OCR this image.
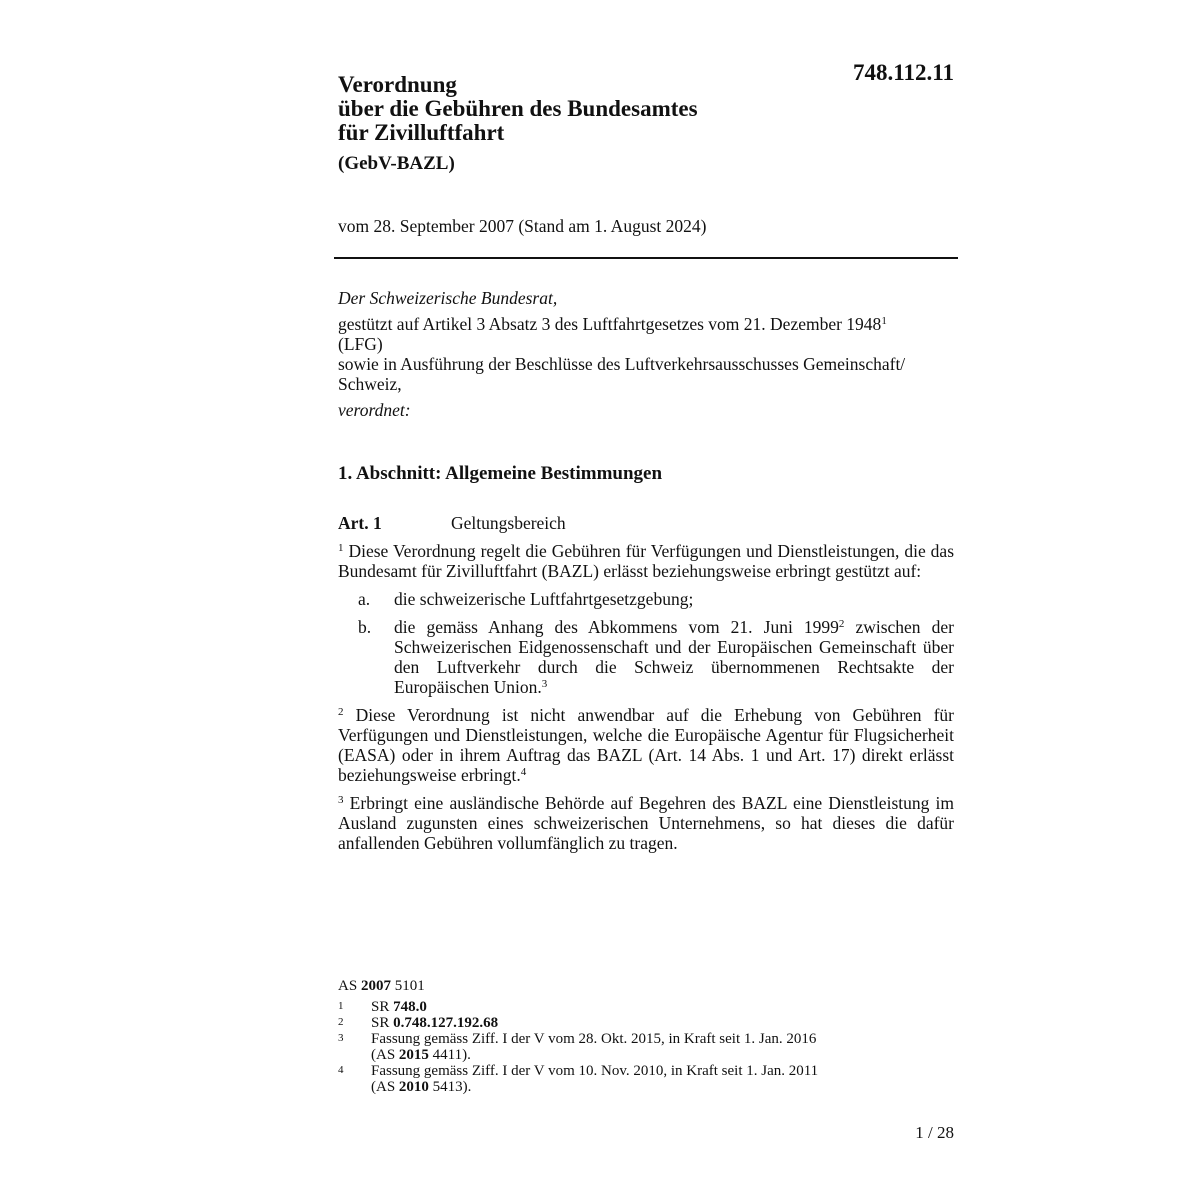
748.112.11
Verordnung
über die Gebühren des Bundesamtes
für Zivilluftfahrt
(GebV-BAZL)
vom 28. September 2007 (Stand am 1. August 2024)
Der Schweizerische Bundesrat,
gestützt auf Artikel 3 Absatz 3 des Luftfahrtgesetzes vom 21. Dezember 1948$^1$
(LFG)
sowie in Ausführung der Beschlüsse des Luftverkehrsausschusses Gemeinschaft/
Schweiz,
verordnet:
1. Abschnitt: Allgemeine Bestimmungen
Art. 1	Geltungsbereich

$^1$ Diese Verordnung regelt die Gebühren für Verfügungen und Dienstleistungen, die das Bundesamt für Zivilluftfahrt (BAZL) erlässt beziehungsweise erbringt gestützt auf:

a.	die schweizerische Luftfahrtgesetzgebung;
b.	die gemäss Anhang des Abkommens vom 21. Juni 1999$^2$ zwischen der Schweizerischen Eidgenossenschaft und der Europäischen Gemeinschaft über den Luftverkehr durch die Schweiz übernommenen Rechtsakte der Europäischen Union.$^3$

$^2$ Diese Verordnung ist nicht anwendbar auf die Erhebung von Gebühren für Verfügungen und Dienstleistungen, welche die Europäische Agentur für Flugsicherheit (EASA) oder in ihrem Auftrag das BAZL (Art. 14 Abs. 1 und Art. 17) direkt erlässt beziehungsweise erbringt.$^4$

$^3$ Erbringt eine ausländische Behörde auf Begehren des BAZL eine Dienstleistung im Ausland zugunsten eines schweizerischen Unternehmens, so hat dieses die dafür anfallenden Gebühren vollumfänglich zu tragen.

AS 2007 5101
1	SR 748.0
2	SR 0.748.127.192.68
3	Fassung gemäss Ziff. I der V vom 28. Okt. 2015, in Kraft seit 1. Jan. 2016
(AS 2015 4411).
4	Fassung gemäss Ziff. I der V vom 10. Nov. 2010, in Kraft seit 1. Jan. 2011
(AS 2010 5413).
1 / 28
